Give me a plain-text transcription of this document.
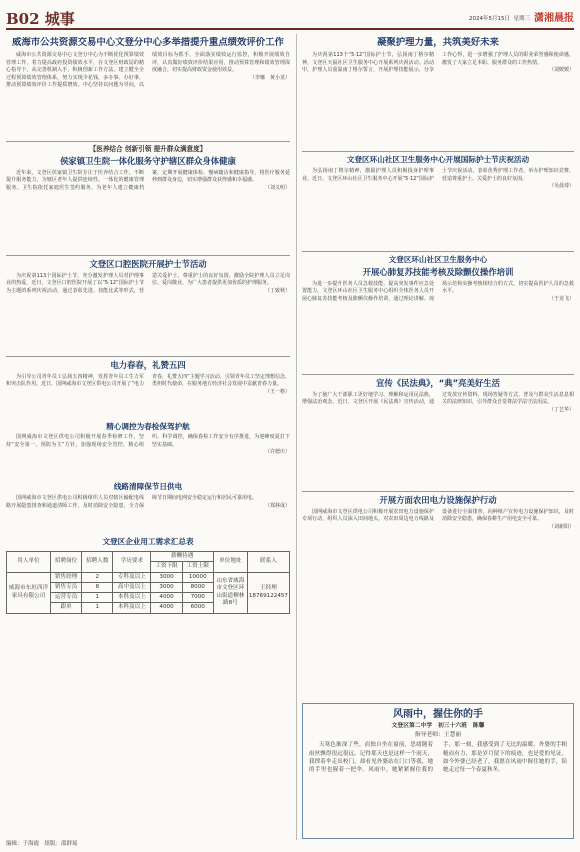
B02 城事	2024年5月15日 星期三 潇湘晨报
威海市公共资源交易中心文登分中心多举措提升重点绩效评价工作

威海市公共资源交易中心文登分中心为不断优化预算绩效管理工作，着力提高政府投资绩效水平，在文登区财政局的精心指导下，从完善机制入手，积极创新工作方法，建立健全全过程预算绩效管理体系，努力实现少花钱、多办事、办好事，推动预算绩效评价工作提质增效。中心坚持以问题为导向，以绩效目标为抓手，全面落实绩效运行监控，积极开展绩效自评，认真做好绩效评价结果应用，推动预算管理和绩效管理深度融合，切实提高财政资金使用效益。

（李娜　黄小龙）

【医养结合 创新引领 提升群众满意度】
侯家镇卫生院一体化服务守护辖区群众身体健康

近年来，文登区侯家镇卫生院专注于医养结合工作，不断提升服务能力，为辖区老年人提供连续性、一体化的健康管理服务。卫生院依托家庭医生签约服务，为老年人建立健康档案，定期开展健康体检、慢病随访和健康指导，将医疗服务延伸到群众身边，切实增强群众获得感和幸福感。

（刘义明）

文登区口腔医院开展护士节活动

为庆祝第113个国际护士节，充分激发护理人员对护理事业的热爱，近日，文登区口腔医院开展了以“5·12”国际护士节为主题的系列庆祝活动，通过表彰先进、技能比武等形式，营造关爱护士、尊重护士的良好氛围，激励全院护理人员立足岗位、爱岗敬业，为广大患者提供更加优质的护理服务。

（丁致秋）

电力春春，礼赞五四

为引导公司青年员工弘扬五四精神，发挥青年员工生力军和突击队作用，近日，国网威海市文登区供电公司开展了“电力青春，礼赞五四”主题学习活动，引领青年员工坚定理想信念，勇担时代使命，在服务地方经济社会发展中贡献青春力量。

（王一格）

精心调控为春检保驾护航

国网威海市文登区供电公司积极开展春季检修工作，坚持“安全第一，预防为主”方针，加强现场安全管控，精心组织、科学调控，确保春检工作安全有序推进，为迎峰度夏打下坚实基础。

（许德庆）

线路清障保节日供电

国网威海市文登区供电公司积极组织人员对辖区输配电线路开展隐患排查和通道清障工作，及时消除安全隐患，全力保障节日期间电网安全稳定运行和居民可靠用电。

（郑林成）

文登区企业用工需求汇总表
用人单位	招聘岗位	招聘人数	学历要求	薪酬待遇		单位地址	联系人
				工资下限	工资上限		
威海市东垣西洋家具有限公司	销售经理	2	专科及以上	3000	10000	山东省威海市文登区环山街道柳林路8号	王经理 18769122457
	销售专员	8	高中及以上	3000	8000		
	运营专员	1	本科及以上	4000	7000		
	跟单	1	本科及以上	4000	6000		
凝聚护理力量，共筑美好未来

为庆祝第113个“5·12”国际护士节，弘扬南丁格尔精神，文登区天福社区卫生服务中心开展系列庆祝活动。活动中，护理人员重温南丁格尔誓言，开展护理技能展示，分享工作心得，进一步增强了护理人员的职业荣誉感和使命感，激发了大家立足本职、服务群众的工作热情。

（刘媛媛）

文登区环山社区卫生服务中心开展国际护士节庆祝活动

为弘扬南丁格尔精神，激励护理人员积极投身护理事业，近日，文登区环山社区卫生服务中心开展“5·12”国际护士节庆祝活动，表彰优秀护理工作者，举办护理知识竞赛，营造尊重护士、关爱护士的良好氛围。

（吴晨琦）

文登区环山社区卫生服务中心
开展心肺复苏技能考核及除颤仪操作培训

为进一步提升医务人员急救技能，提高突发事件应急处置能力，文登区环山社区卫生服务中心组织全体医务人员开展心肺复苏技能考核及除颤仪操作培训，通过理论讲解、现场示范和实操考核相结合的方式，切实提高医护人员的急救水平。

（于龙飞）

宣传《民法典》，“典”亮美好生活

为了使广大干部职工更好地学习、理解和运用民法典，增强法治观念，近日，文登区开展《民法典》宣传活动，通过发放宣传资料、现场答疑等方式，普及与群众生活息息相关的法律知识，引导群众自觉尊法学法守法用法。

（丁艺华）

开展方面农田电力设施保护行动

国网威海市文登区供电公司积极开展农田电力设施保护专项行动，组织人员深入田间地头，对农田周边电力线路及设备进行全面排查，向种植户宣传电力设施保护知识，及时消除安全隐患，确保春耕生产用电安全可靠。

（刘新阳）

风雨中，握住你的手
文登区第二中学　初三十六班　陈馨
指导老师：王慧丽

天寒色渐深了些，而独自坐在窗前，思绪随着雨丝飘得很远很远。记得那天也是这样一个雨天，我撑着伞走出校门，却看见外婆站在门口等我，她的手里也握着一把伞。风雨中，她紧紧握住我的手，那一刻，我感受到了无比的温暖。外婆的手粗糙而有力，那是岁月留下的痕迹，也是爱的见证。如今外婆已经老了，我愿在风雨中握住她的手，陪她走过每一个春夏秋冬。

编辑：于海霞　组版：邵群瑶
